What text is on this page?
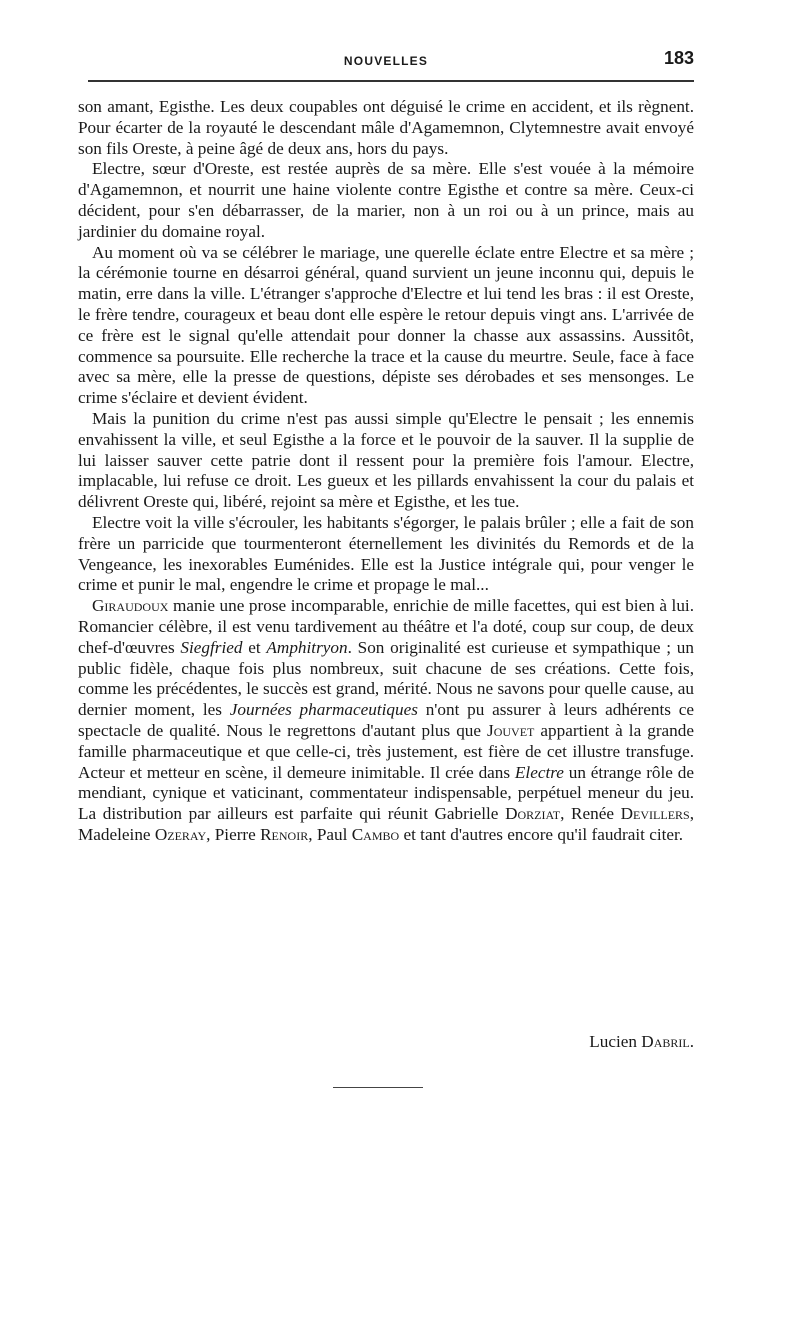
NOUVELLES	183

son amant, Egisthe. Les deux coupables ont déguisé le crime en accident, et ils règnent. Pour écarter de la royauté le descendant mâle d'Agamemnon, Clytemnestre avait envoyé son fils Oreste, à peine âgé de deux ans, hors du pays.

Electre, sœur d'Oreste, est restée auprès de sa mère. Elle s'est vouée à la mémoire d'Agamemnon, et nourrit une haine violente contre Egisthe et contre sa mère. Ceux-ci décident, pour s'en débarrasser, de la marier, non à un roi ou à un prince, mais au jardinier du domaine royal.

Au moment où va se célébrer le mariage, une querelle éclate entre Electre et sa mère ; la cérémonie tourne en désarroi général, quand survient un jeune inconnu qui, depuis le matin, erre dans la ville. L'étranger s'approche d'Electre et lui tend les bras : il est Oreste, le frère tendre, courageux et beau dont elle espère le retour depuis vingt ans. L'arrivée de ce frère est le signal qu'elle attendait pour donner la chasse aux assassins. Aussitôt, commence sa poursuite. Elle recherche la trace et la cause du meurtre. Seule, face à face avec sa mère, elle la presse de questions, dépiste ses dérobades et ses mensonges. Le crime s'éclaire et devient évident.

Mais la punition du crime n'est pas aussi simple qu'Electre le pensait ; les ennemis envahissent la ville, et seul Egisthe a la force et le pouvoir de la sauver. Il la supplie de lui laisser sauver cette patrie dont il ressent pour la première fois l'amour. Electre, implacable, lui refuse ce droit. Les gueux et les pillards envahissent la cour du palais et délivrent Oreste qui, libéré, rejoint sa mère et Egisthe, et les tue.

Electre voit la ville s'écrouler, les habitants s'égorger, le palais brûler ; elle a fait de son frère un parricide que tourmenteront éternellement les divinités du Remords et de la Vengeance, les inexorables Euménides. Elle est la Justice intégrale qui, pour venger le crime et punir le mal, engendre le crime et propage le mal...

Giraudoux manie une prose incomparable, enrichie de mille facettes, qui est bien à lui. Romancier célèbre, il est venu tardivement au théâtre et l'a doté, coup sur coup, de deux chef-d'œuvres Siegfried et Amphitryon. Son originalité est curieuse et sympathique ; un public fidèle, chaque fois plus nombreux, suit chacune de ses créations. Cette fois, comme les précédentes, le succès est grand, mérité. Nous ne savons pour quelle cause, au dernier moment, les Journées pharmaceutiques n'ont pu assurer à leurs adhérents ce spectacle de qualité. Nous le regrettons d'autant plus que Jouvet appartient à la grande famille pharmaceutique et que celle-ci, très justement, est fière de cet illustre transfuge. Acteur et metteur en scène, il demeure inimitable. Il crée dans Electre un étrange rôle de mendiant, cynique et vaticinant, commentateur indispensable, perpétuel meneur du jeu. La distribution par ailleurs est parfaite qui réunit Gabrielle Dorziat, Renée Devillers, Madeleine Ozeray, Pierre Renoir, Paul Cambo et tant d'autres encore qu'il faudrait citer.

Lucien Dabril.
